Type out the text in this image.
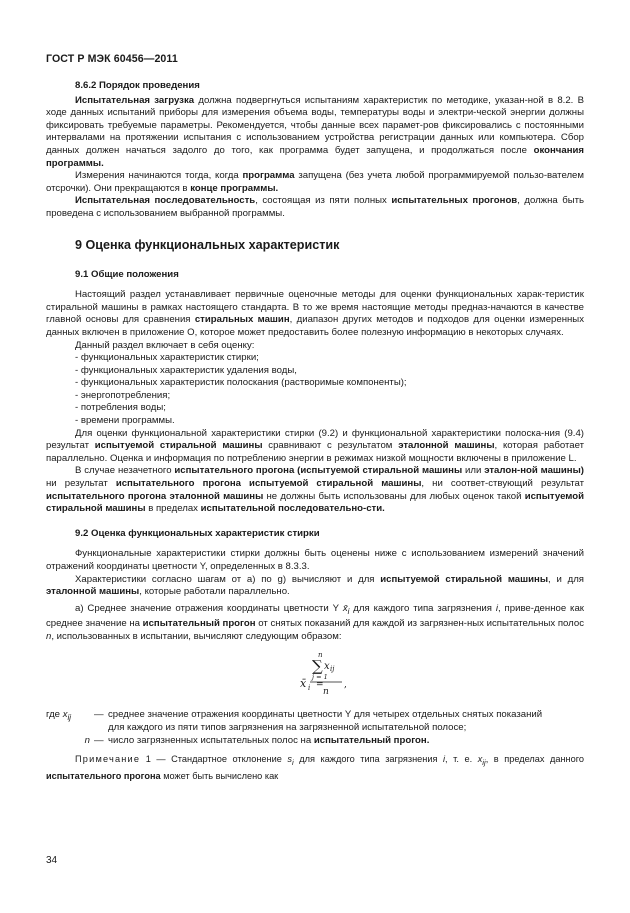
ГОСТ Р МЭК 60456—2011

8.6.2 Порядок проведения

Испытательная загрузка должна подвергнуться испытаниям характеристик по методике, указан-ной в 8.2. В ходе данных испытаний приборы для измерения объема воды, температуры воды и электри-ческой энергии должны фиксировать требуемые параметры. Рекомендуется, чтобы данные всех парамет-ров фиксировались с постоянными интервалами на протяжении испытания с использованием устройства регистрации данных или компьютера. Сбор данных должен начаться задолго до того, как программа будет запущена, и продолжаться после окончания программы.

Измерения начинаются тогда, когда программа запущена (без учета любой программируемой пользо-вателем отсрочки). Они прекращаются в конце программы.

Испытательная последовательность, состоящая из пяти полных испытательных прогонов, должна быть проведена с использованием выбранной программы.

9 Оценка функциональных характеристик

9.1 Общие положения

Настоящий раздел устанавливает первичные оценочные методы для оценки функциональных харак-теристик стиральной машины в рамках настоящего стандарта. В то же время настоящие методы предназ-начаются в качестве главной основы для сравнения стиральных машин, диапазон других методов и подходов для оценки измеренных данных включен в приложение О, которое может предоставить более полезную информацию в некоторых случаях.

Данный раздел включает в себя оценку:

- функциональных характеристик стирки;

- функциональных характеристик удаления воды,

- функциональных характеристик полоскания (растворимые компоненты);

- энергопотребления;

- потребления воды;

- времени программы.

Для оценки функциональной характеристики стирки (9.2) и функциональной характеристики полоска-ния (9.4) результат испытуемой стиральной машины сравнивают с результатом эталонной машины, которая работает параллельно. Оценка и информация по потреблению энергии в режимах низкой мощности включены в приложение L.

В случае незачетного испытательного прогона (испытуемой стиральной машины или эталон-ной машины) ни результат испытательного прогона испытуемой стиральной машины, ни соответ-ствующий результат испытательного прогона эталонной машины не должны быть использованы для любых оценок такой испытуемой стиральной машины в пределах испытательной последовательно-сти.

9.2 Оценка функциональных характеристик стирки

Функциональные характеристики стирки должны быть оценены ниже с использованием измерений значений отражений координаты цветности Y, определенных в 8.3.3.

Характеристики согласно шагам от а) по g) вычисляют и для испытуемой стиральной машины, и для эталонной машины, которые работали параллельно.

а) Среднее значение отражения координаты цветности Y $x̄_i$ для каждого типа загрязнения i, приве-денное как среднее значение на испытательный прогон от снятых показаний для каждой из загрязнен-ных испытательных полос n, использованных в испытании, вычисляют следующим образом:

x̄ i =
n
∑ x ij
j = 1
n
,
где $x_{ij}$	— среднее значение отражения координаты цветности Y для четырех отдельных снятых показаний
для каждого из пяти типов загрязнения на загрязненной испытательной полосе;
n — число загрязненных испытательных полос на испытательный прогон.

Примечание 1 — Стандартное отклонение $s_i$ для каждого типа загрязнения i, т. е. $x_{ij}$, в пределах данного испытательного прогона может быть вычислено как

34
